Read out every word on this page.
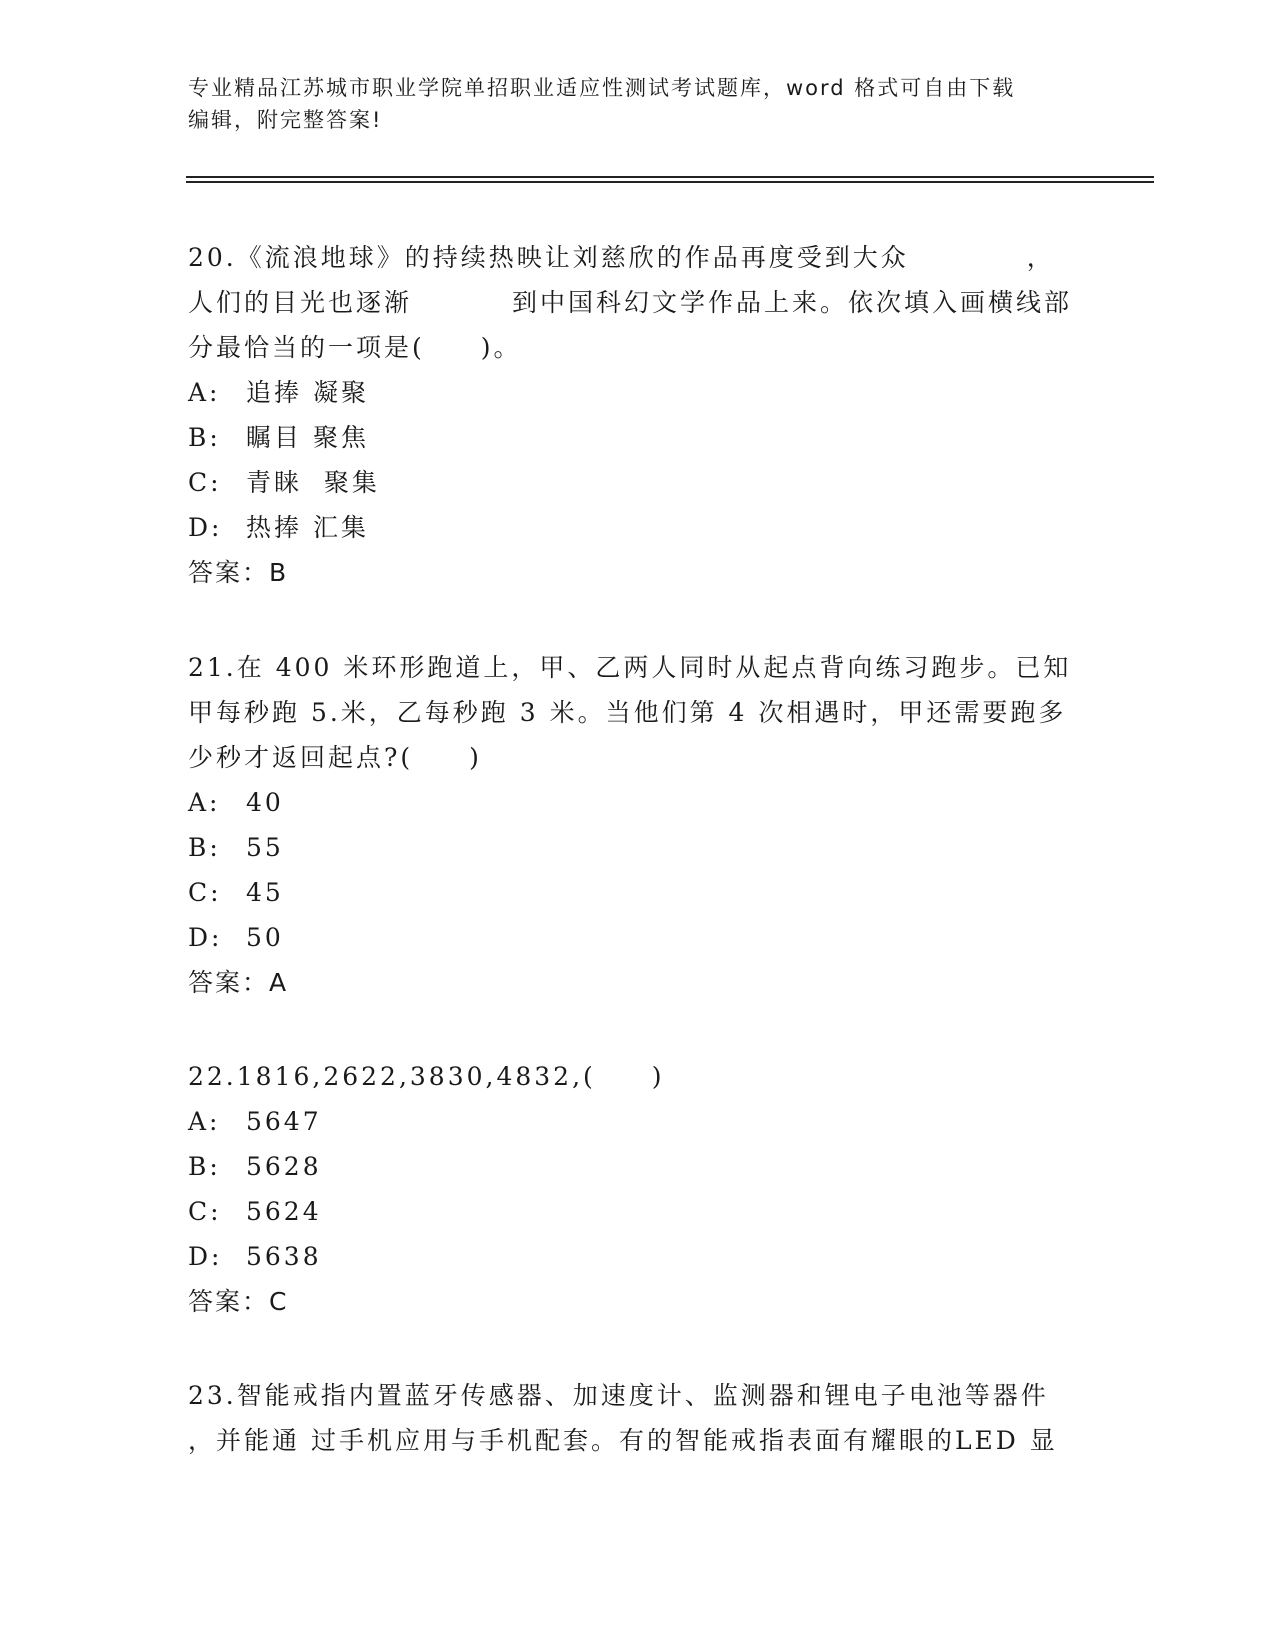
专业精品江苏城市职业学院单招职业适应性测试考试题库，word 格式可自由下载
编辑，附完整答案!
20.《流浪地球》的持续热映让刘慈欣的作品再度受到大众	，
人们的目光也逐渐	到中国科幻文学作品上来。依次填入画横线部分最恰当的一项是(　　)。
A: 追捧 凝聚
B: 瞩目 聚焦
C: 青睐  聚集
D: 热捧 汇集
答案：B
21.在 400 米环形跑道上，甲、乙两人同时从起点背向练习跑步。已知甲每秒跑 5.米，乙每秒跑 3 米。当他们第 4 次相遇时，甲还需要跑多少秒才返回起点?(　　)
A: 40
B: 55
C: 45
D: 50
答案：A
22.1816,2622,3830,4832,(　　)
A: 5647
B: 5628
C: 5624
D: 5638
答案：C
23.智能戒指内置蓝牙传感器、加速度计、监测器和锂电子电池等器件
，并能通 过手机应用与手机配套。有的智能戒指表面有耀眼的LED 显
